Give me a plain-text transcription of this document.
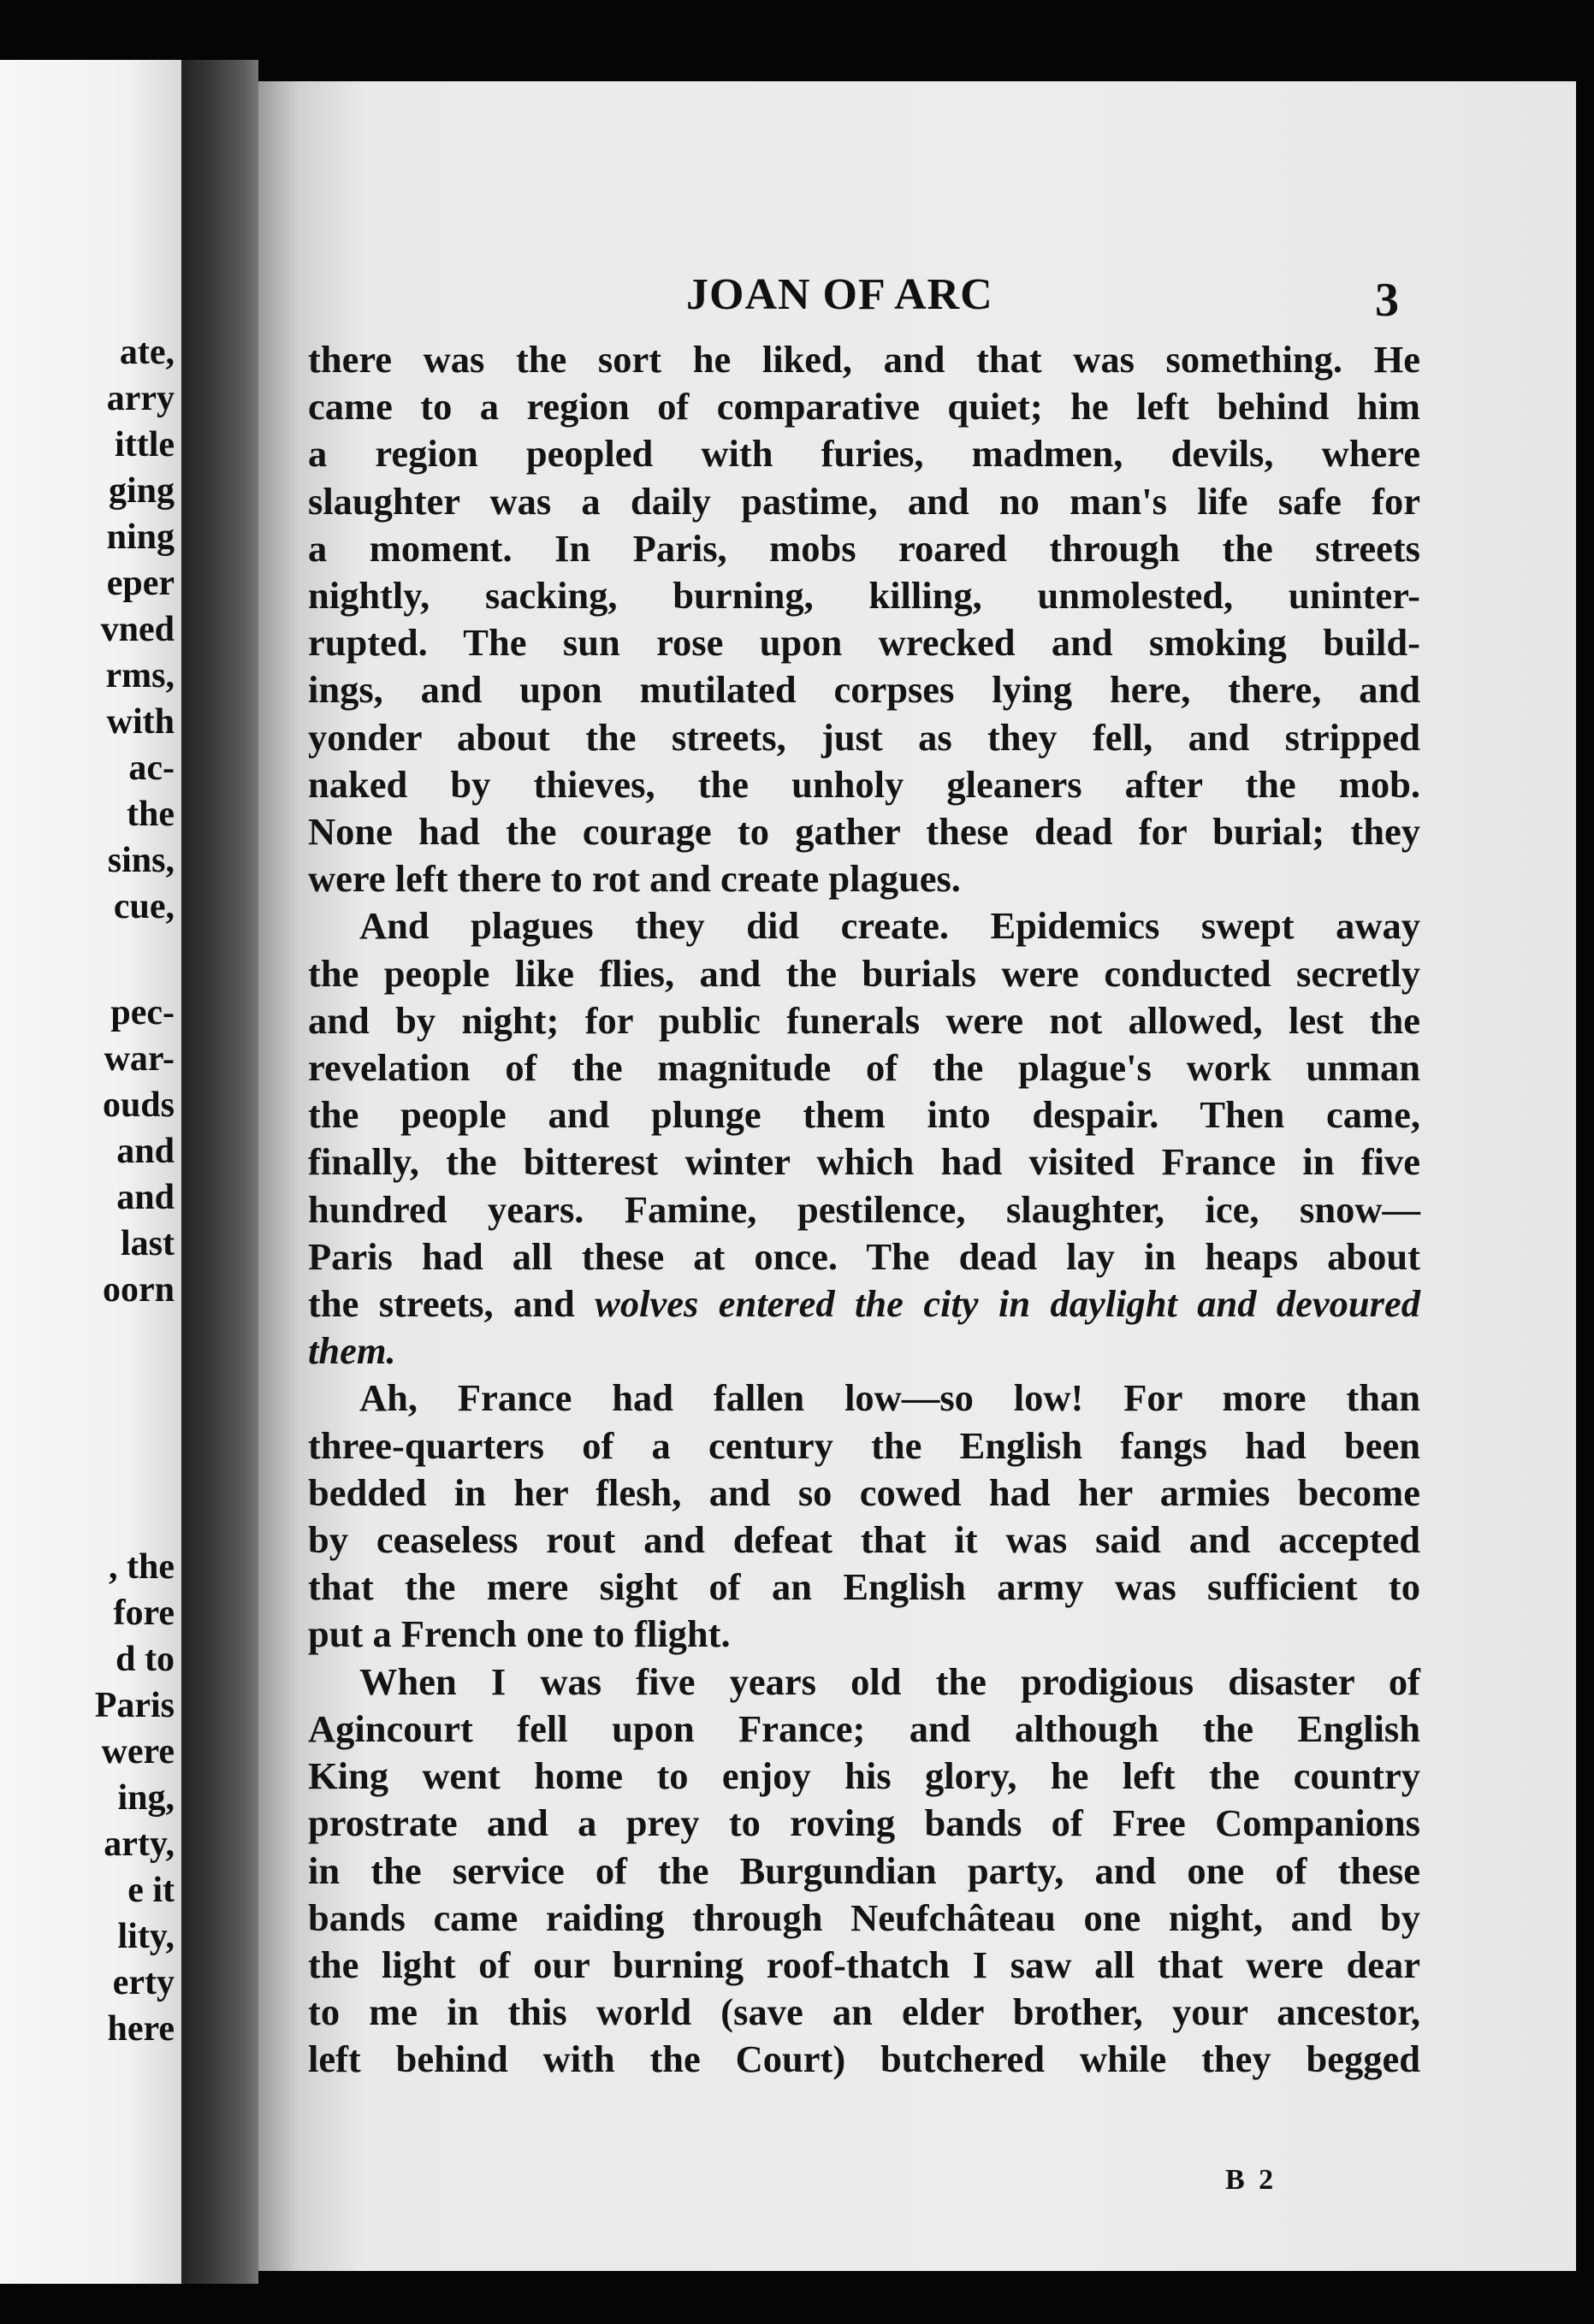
ate,
arry
ittle
ging
ning
eper
vned
rms,
with
ac-
the
sins,
cue,
pec-
war-
ouds
and
and
last
oorn
, the
fore
d to
Paris
were
ing,
arty,
e it
lity,
erty
here
JOAN OF ARC	3
there was the sort he liked, and that was something. He
came to a region of comparative quiet; he left behind him
a region peopled with furies, madmen, devils, where
slaughter was a daily pastime, and no man's life safe for
a moment. In Paris, mobs roared through the streets
nightly, sacking, burning, killing, unmolested, uninter-
rupted. The sun rose upon wrecked and smoking build-
ings, and upon mutilated corpses lying here, there, and
yonder about the streets, just as they fell, and stripped
naked by thieves, the unholy gleaners after the mob.
None had the courage to gather these dead for burial; they
were left there to rot and create plagues.
And plagues they did create. Epidemics swept away
the people like flies, and the burials were conducted secretly
and by night; for public funerals were not allowed, lest the
revelation of the magnitude of the plague's work unman
the people and plunge them into despair. Then came,
finally, the bitterest winter which had visited France in five
hundred years. Famine, pestilence, slaughter, ice, snow—
Paris had all these at once. The dead lay in heaps about
the streets, and wolves entered the city in daylight and devoured
them.
Ah, France had fallen low—so low! For more than
three-quarters of a century the English fangs had been
bedded in her flesh, and so cowed had her armies become
by ceaseless rout and defeat that it was said and accepted
that the mere sight of an English army was sufficient to
put a French one to flight.
When I was five years old the prodigious disaster of
Agincourt fell upon France; and although the English
King went home to enjoy his glory, he left the country
prostrate and a prey to roving bands of Free Companions
in the service of the Burgundian party, and one of these
bands came raiding through Neufchâteau one night, and by
the light of our burning roof-thatch I saw all that were dear
to me in this world (save an elder brother, your ancestor,
left behind with the Court) butchered while they begged
B 2
